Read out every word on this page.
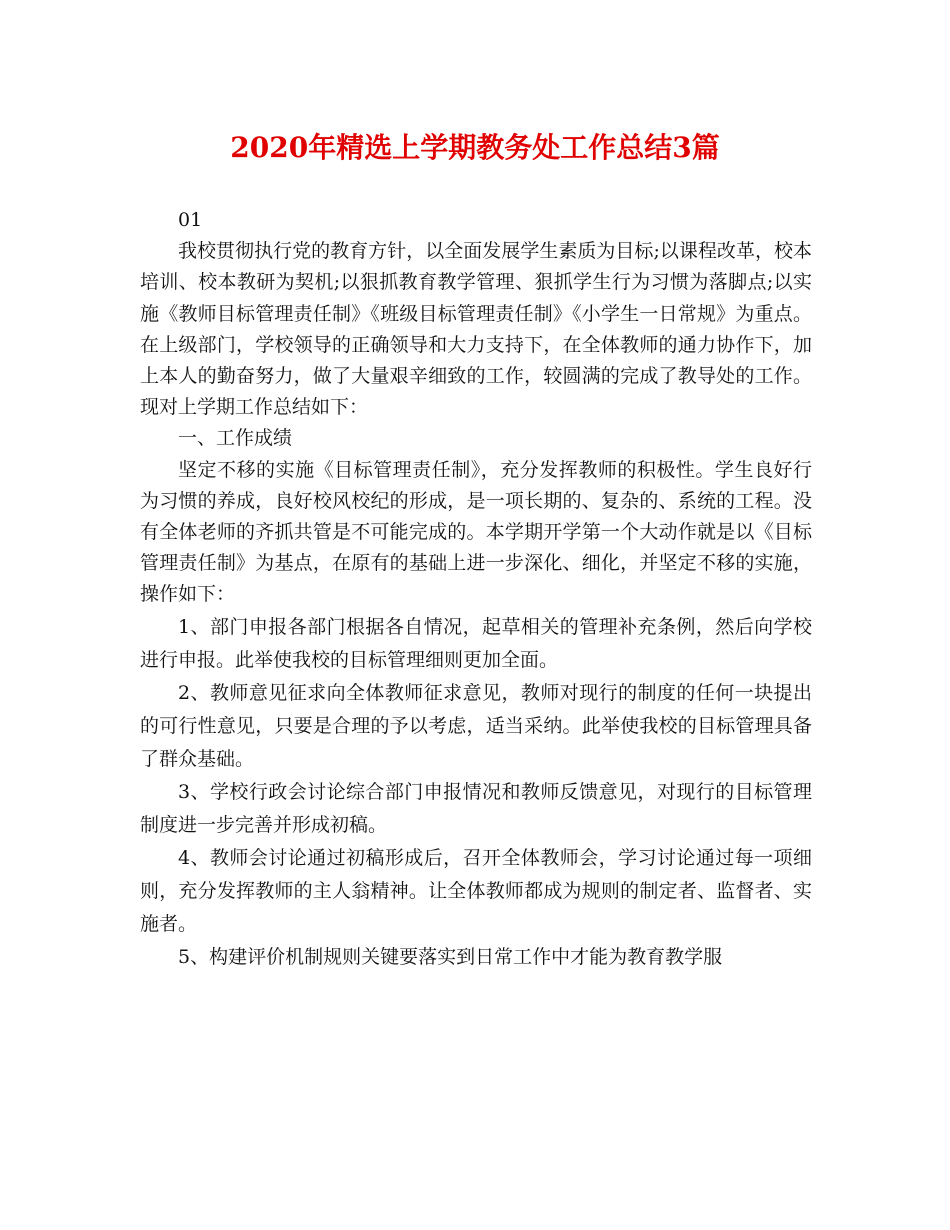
2020年精选上学期教务处工作总结3篇

01

我校贯彻执行党的教育方针，以全面发展学生素质为目标;以课程改革，校本培训、校本教研为契机;以狠抓教育教学管理、狠抓学生行为习惯为落脚点;以实施《教师目标管理责任制》《班级目标管理责任制》《小学生一日常规》为重点。在上级部门，学校领导的正确领导和大力支持下，在全体教师的通力协作下，加上本人的勤奋努力，做了大量艰辛细致的工作，较圆满的完成了教导处的工作。现对上学期工作总结如下：

一、工作成绩

坚定不移的实施《目标管理责任制》，充分发挥教师的积极性。学生良好行为习惯的养成，良好校风校纪的形成，是一项长期的、复杂的、系统的工程。没有全体老师的齐抓共管是不可能完成的。本学期开学第一个大动作就是以《目标管理责任制》为基点，在原有的基础上进一步深化、细化，并坚定不移的实施，操作如下：

1、部门申报各部门根据各自情况，起草相关的管理补充条例，然后向学校进行申报。此举使我校的目标管理细则更加全面。

2、教师意见征求向全体教师征求意见，教师对现行的制度的任何一块提出的可行性意见，只要是合理的予以考虑，适当采纳。此举使我校的目标管理具备了群众基础。

3、学校行政会讨论综合部门申报情况和教师反馈意见，对现行的目标管理制度进一步完善并形成初稿。

4、教师会讨论通过初稿形成后，召开全体教师会，学习讨论通过每一项细则，充分发挥教师的主人翁精神。让全体教师都成为规则的制定者、监督者、实施者。

5、构建评价机制规则关键要落实到日常工作中才能为教育教学服
